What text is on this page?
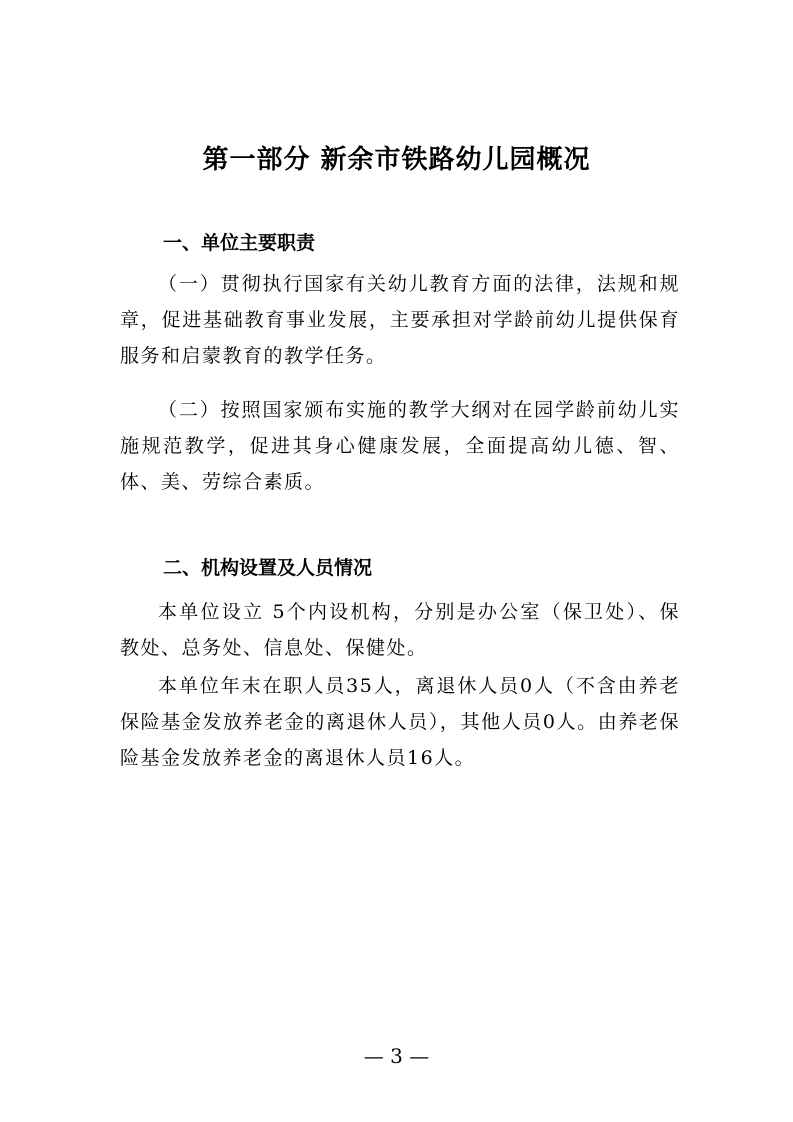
第一部分 新余市铁路幼儿园概况
一、单位主要职责

（一）贯彻执行国家有关幼儿教育方面的法律，法规和规章，促进基础教育事业发展，主要承担对学龄前幼儿提供保育服务和启蒙教育的教学任务。

（二）按照国家颁布实施的教学大纲对在园学龄前幼儿实施规范教学，促进其身心健康发展，全面提高幼儿德、智、体、美、劳综合素质。

二、机构设置及人员情况

本单位设立 5个内设机构，分别是办公室（保卫处）、保教处、总务处、信息处、保健处。

本单位年末在职人员35人，离退休人员0人（不含由养老保险基金发放养老金的离退休人员），其他人员0人。由养老保险基金发放养老金的离退休人员16人。

— 3 —
